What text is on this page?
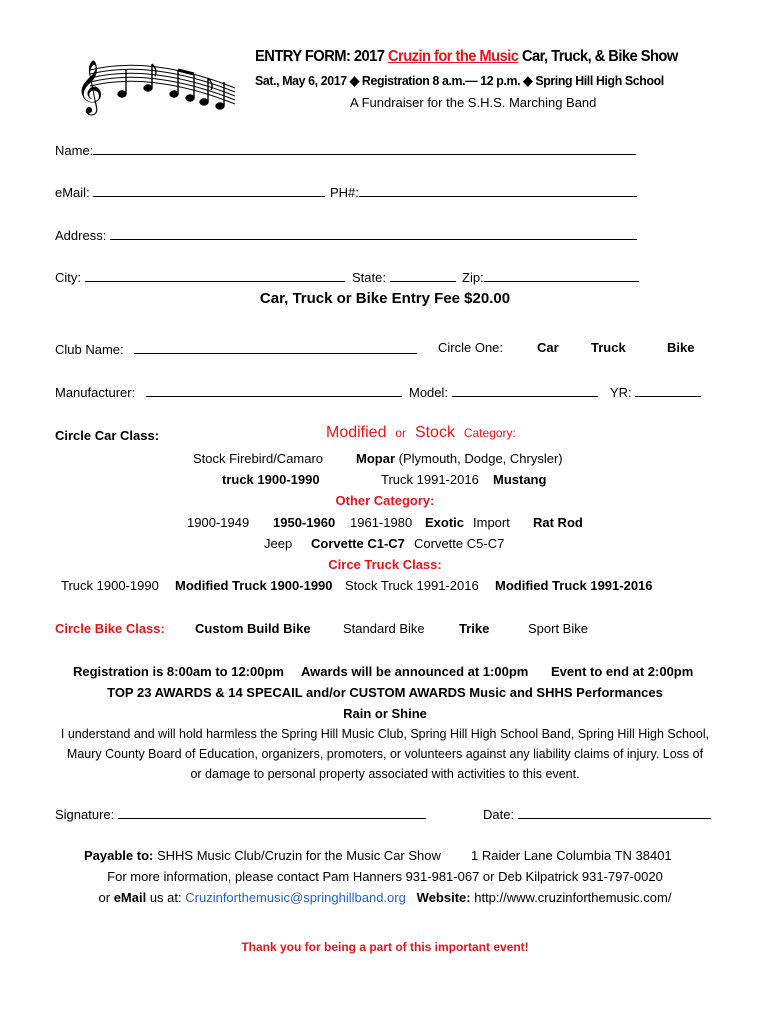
𝄞
ENTRY FORM: 2017 Cruzin for the Music Car, Truck, & Bike Show
Sat., May 6, 2017 ◆ Registration 8 a.m.— 12 p.m. ◆ Spring Hill High School
A Fundraiser for the S.H.S. Marching Band
Name:
eMail:	PH#:
Address:
City:	State:	Zip:
Car, Truck or Bike Entry Fee $20.00
Club Name:	Circle One:	Car Truck	Bike
Manufacturer:	Model:	YR:
Circle Car Class:	Modified or Stock Category:
Stock Firebird/Camaro	Mopar (Plymouth, Dodge, Chrysler)
truck 1900-1990	Truck 1991-2016 Mustang
Other Category:
1900-1949 1950-1960 1961-1980 Exotic Import Rat Rod
Jeep Corvette C1-C7 Corvette C5-C7
Circe Truck Class:
Truck 1900-1990 Modified Truck 1900-1990 Stock Truck 1991-2016 Modified Truck 1991-2016
Circle Bike Class: Custom Build Bike Standard Bike	Trike	Sport Bike
Registration is 8:00am to 12:00pm Awards will be announced at 1:00pm Event to end at 2:00pm
TOP 23 AWARDS & 14 SPECAIL and/or CUSTOM AWARDS Music and SHHS Performances
Rain or Shine
I understand and will hold harmless the Spring Hill Music Club, Spring Hill High School Band, Spring Hill High School,
Maury County Board of Education, organizers, promoters, or volunteers against any liability claims of injury. Loss of
or damage to personal property associated with activities to this event.
Signature:	Date:
Payable to: SHHS Music Club/Cruzin for the Music Car Show 1 Raider Lane Columbia TN 38401
For more information, please contact Pam Hanners 931-981-067 or Deb Kilpatrick 931-797-0020
or eMail us at: Cruzinforthemusic@springhillband.org Website: http://www.cruzinforthemusic.com/
Thank you for being a part of this important event!
